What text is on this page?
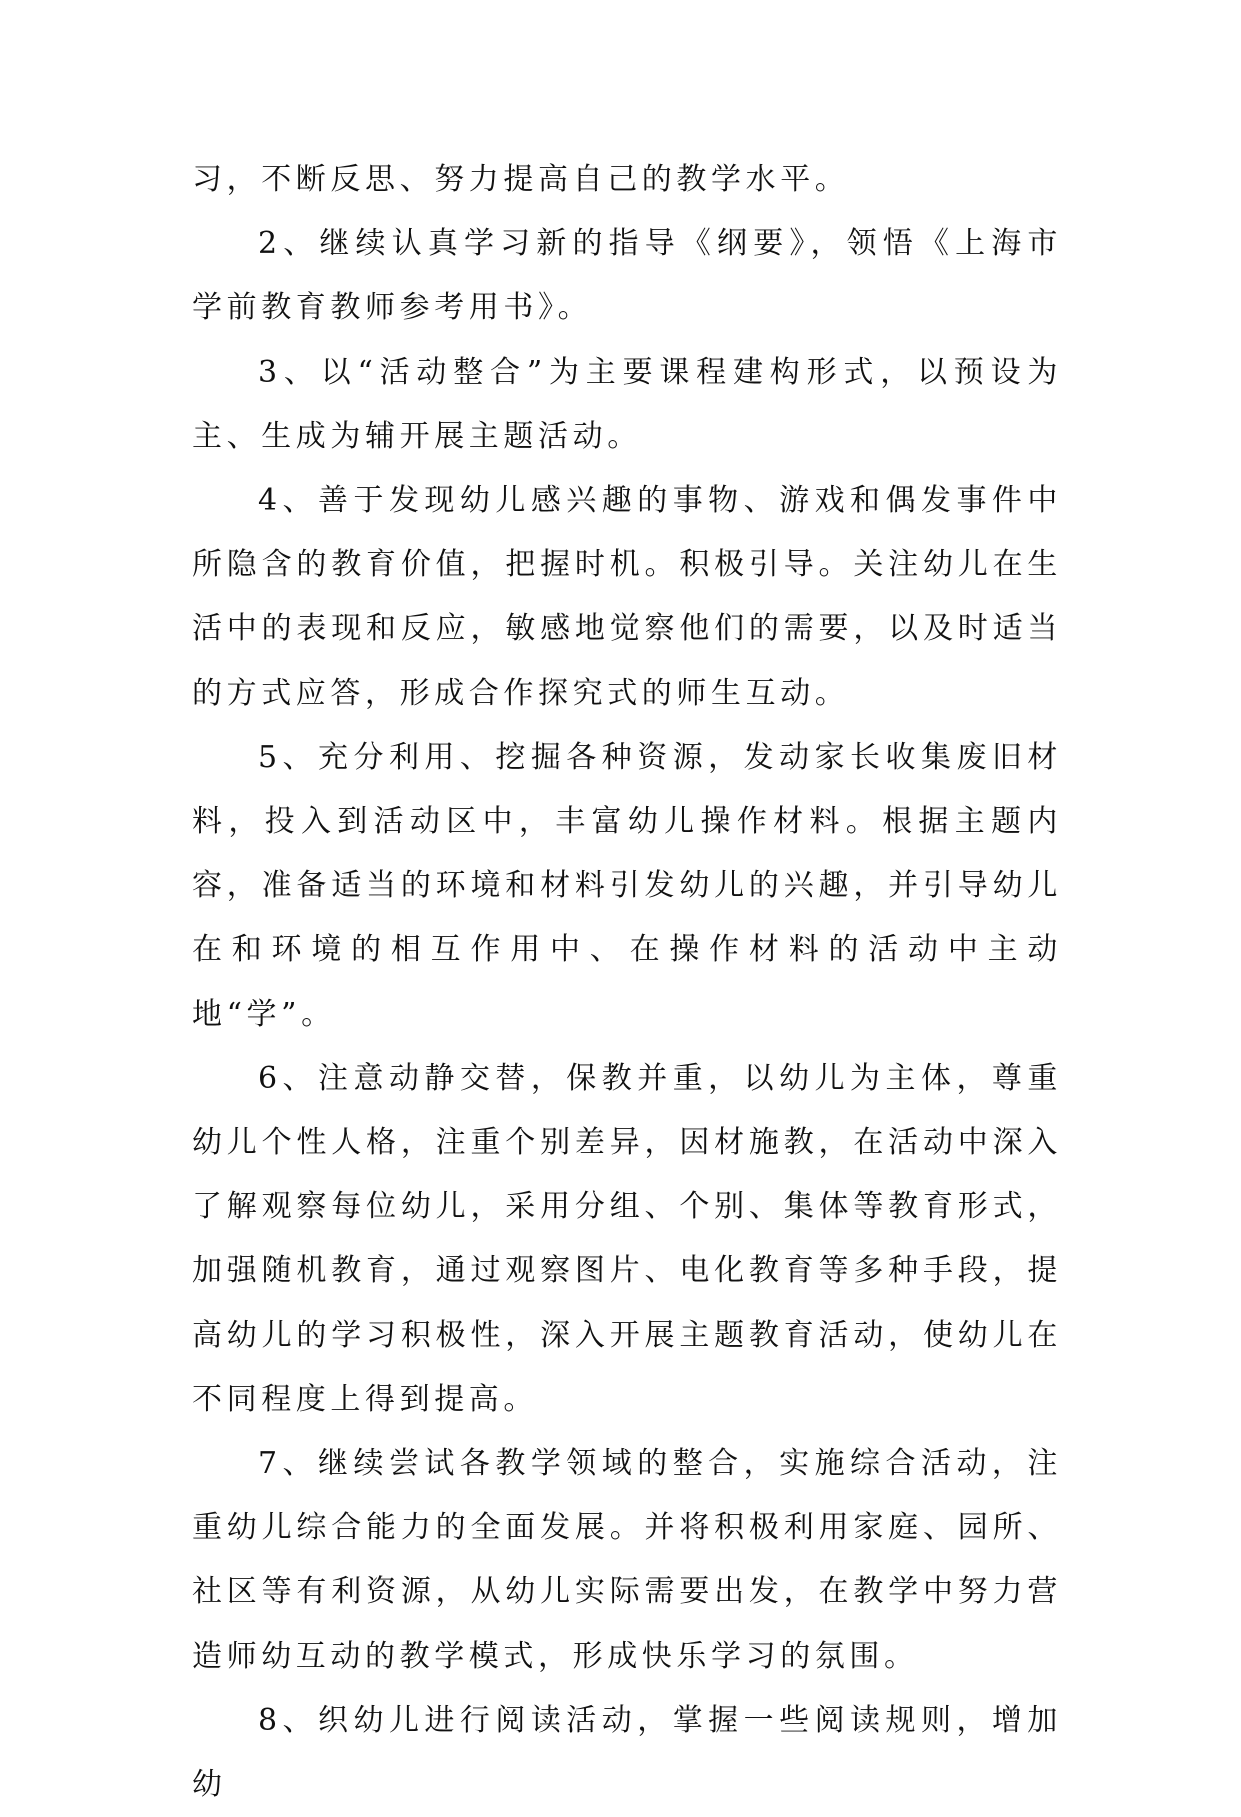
习，不断反思、努力提高自己的教学水平。

2、继续认真学习新的指导《纲要》，领悟《上海市学前教育教师参考用书》。

3、以“活动整合”为主要课程建构形式，以预设为主、生成为辅开展主题活动。

4、善于发现幼儿感兴趣的事物、游戏和偶发事件中所隐含的教育价值，把握时机。积极引导。关注幼儿在生活中的表现和反应，敏感地觉察他们的需要，以及时适当的方式应答，形成合作探究式的师生互动。

5、充分利用、挖掘各种资源，发动家长收集废旧材料，投入到活动区中，丰富幼儿操作材料。根据主题内容，准备适当的环境和材料引发幼儿的兴趣，并引导幼儿在和环境的相互作用中、在操作材料的活动中主动地“学”。

6、注意动静交替，保教并重，以幼儿为主体，尊重幼儿个性人格，注重个别差异，因材施教，在活动中深入了解观察每位幼儿，采用分组、个别、集体等教育形式，加强随机教育，通过观察图片、电化教育等多种手段，提高幼儿的学习积极性，深入开展主题教育活动，使幼儿在不同程度上得到提高。

7、继续尝试各教学领域的整合，实施综合活动，注重幼儿综合能力的全面发展。并将积极利用家庭、园所、社区等有利资源，从幼儿实际需要出发，在教学中努力营造师幼互动的教学模式，形成快乐学习的氛围。

8、织幼儿进行阅读活动，掌握一些阅读规则，增加幼
